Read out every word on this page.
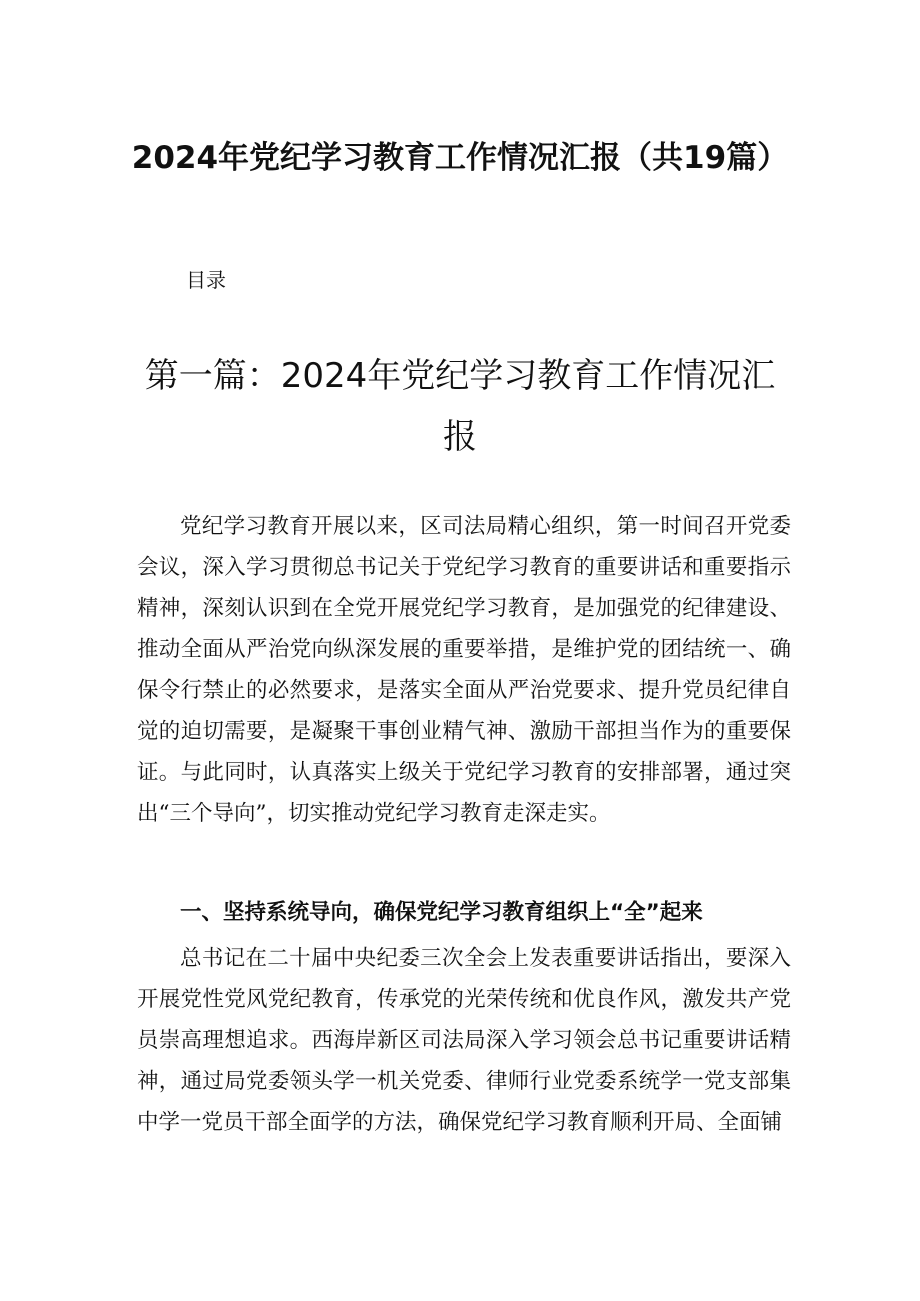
2024年党纪学习教育工作情况汇报（共19篇）

目录

第一篇：2024年党纪学习教育工作情况汇报

党纪学习教育开展以来，区司法局精心组织，第一时间召开党委会议，深入学习贯彻总书记关于党纪学习教育的重要讲话和重要指示精神，深刻认识到在全党开展党纪学习教育，是加强党的纪律建设、推动全面从严治党向纵深发展的重要举措，是维护党的团结统一、确保令行禁止的必然要求，是落实全面从严治党要求、提升党员纪律自觉的迫切需要，是凝聚干事创业精气神、激励干部担当作为的重要保证。与此同时，认真落实上级关于党纪学习教育的安排部署，通过突出“三个导向”，切实推动党纪学习教育走深走实。

一、坚持系统导向，确保党纪学习教育组织上“全”起来

总书记在二十届中央纪委三次全会上发表重要讲话指出，要深入开展党性党风党纪教育，传承党的光荣传统和优良作风，激发共产党员崇高理想追求。西海岸新区司法局深入学习领会总书记重要讲话精神，通过局党委领头学一机关党委、律师行业党委系统学一党支部集中学一党员干部全面学的方法，确保党纪学习教育顺利开局、全面铺
